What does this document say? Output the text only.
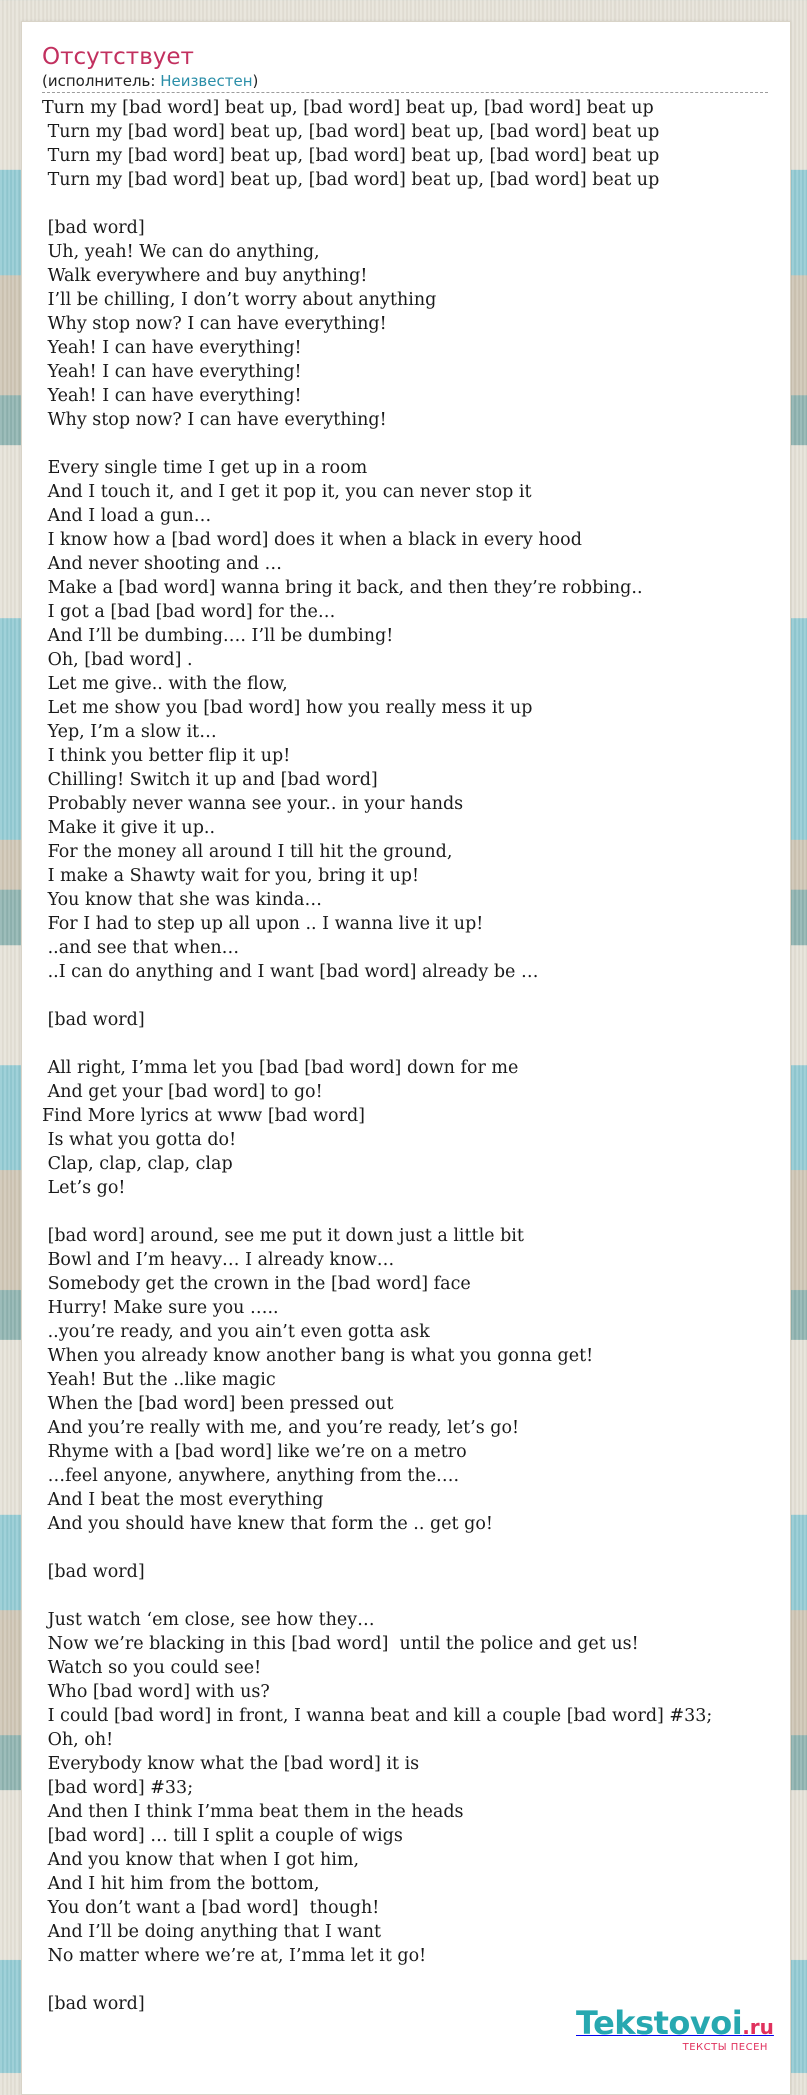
Отсутствует
(исполнитель: Неизвестен)
Turn my [bad word] beat up, [bad word] beat up, [bad word] beat up
Turn my [bad word] beat up, [bad word] beat up, [bad word] beat up
Turn my [bad word] beat up, [bad word] beat up, [bad word] beat up
Turn my [bad word] beat up, [bad word] beat up, [bad word] beat up

[bad word]
Uh, yeah! We can do anything,
Walk everywhere and buy anything!
I’ll be chilling, I don’t worry about anything
Why stop now? I can have everything!
Yeah! I can have everything!
Yeah! I can have everything!
Yeah! I can have everything!
Why stop now? I can have everything!

Every single time I get up in a room
And I touch it, and I get it pop it, you can never stop it
And I load a gun…
I know how a [bad word] does it when a black in every hood
And never shooting and …
Make a [bad word] wanna bring it back, and then they’re robbing..
I got a [bad [bad word] for the…
And I’ll be dumbing…. I’ll be dumbing!
Oh, [bad word] .
Let me give.. with the flow,
Let me show you [bad word] how you really mess it up
Yep, I’m a slow it…
I think you better flip it up!
Chilling! Switch it up and [bad word]
Probably never wanna see your.. in your hands
Make it give it up..
For the money all around I till hit the ground,
I make a Shawty wait for you, bring it up!
You know that she was kinda…
For I had to step up all upon .. I wanna live it up!
..and see that when…
..I can do anything and I want [bad word] already be …

[bad word]

All right, I’mma let you [bad [bad word] down for me
And get your [bad word] to go!
Find More lyrics at www [bad word]
Is what you gotta do!
Clap, clap, clap, clap
Let’s go!

[bad word] around, see me put it down just a little bit
Bowl and I’m heavy… I already know…
Somebody get the crown in the [bad word] face
Hurry! Make sure you …..
..you’re ready, and you ain’t even gotta ask
When you already know another bang is what you gonna get!
Yeah! But the ..like magic
When the [bad word] been pressed out
And you’re really with me, and you’re ready, let’s go!
Rhyme with a [bad word] like we’re on a metro
…feel anyone, anywhere, anything from the….
And I beat the most everything
And you should have knew that form the .. get go!

[bad word]

Just watch ‘em close, see how they…
Now we’re blacking in this [bad word]  until the police and get us!
Watch so you could see!
Who [bad word] with us?
I could [bad word] in front, I wanna beat and kill a couple [bad word] #33;
Oh, oh!
Everybody know what the [bad word] it is
[bad word] #33;
And then I think I’mma beat them in the heads
[bad word] … till I split a couple of wigs
And you know that when I got him,
And I hit him from the bottom,
You don’t want a [bad word]  though!
And I’ll be doing anything that I want
No matter where we’re at, I’mma let it go!

[bad word]	Tekstovoi.ru
ТЕКСТЫ ПЕСЕН
